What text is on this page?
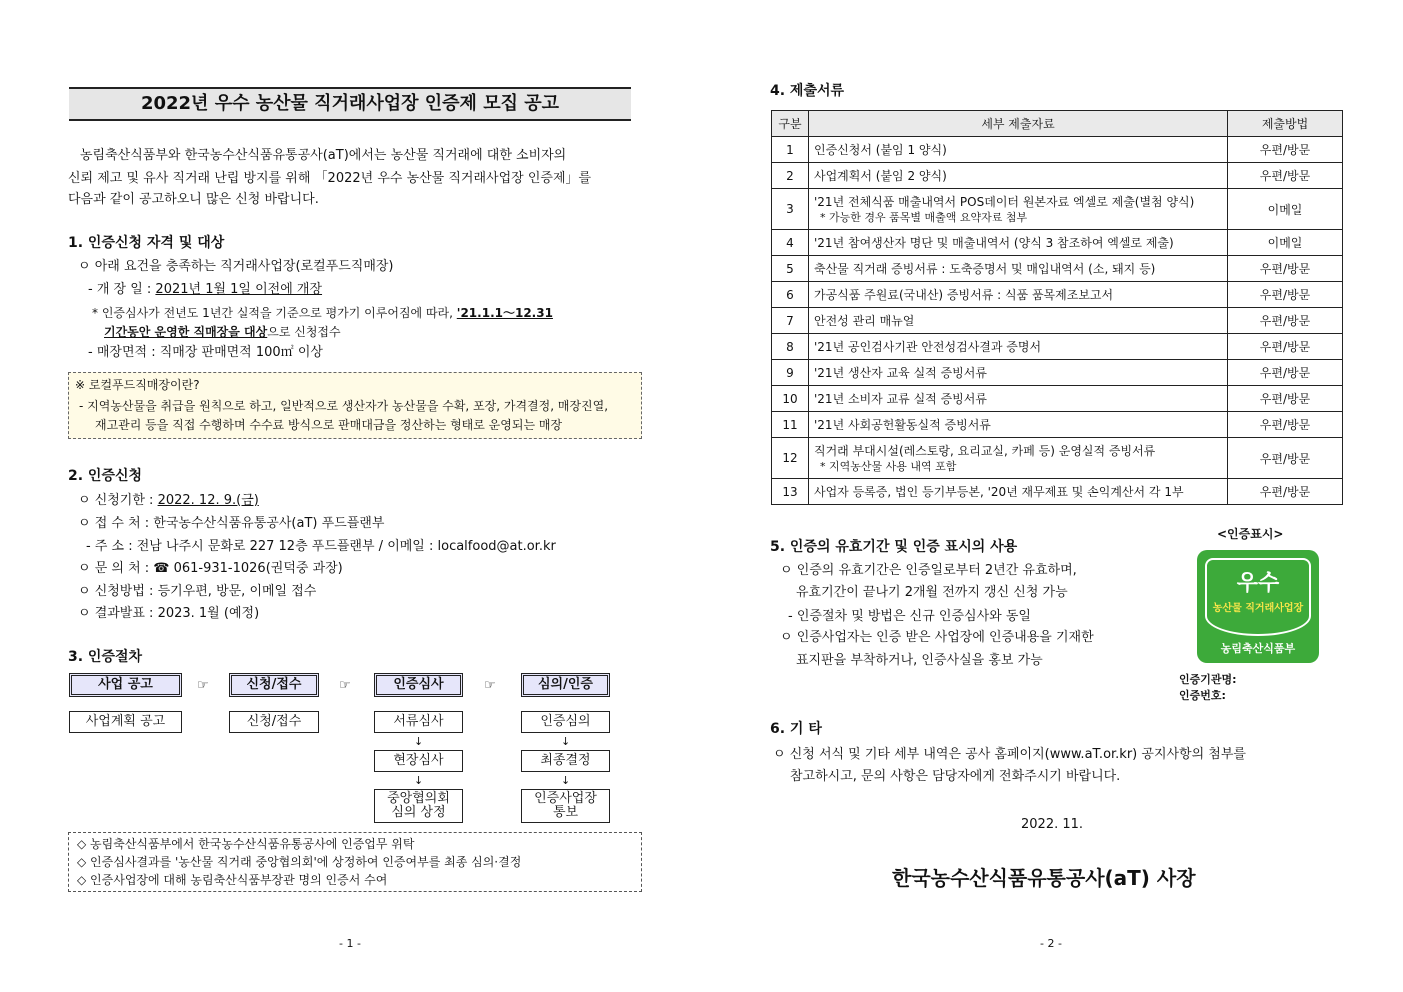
2022년 우수 농산물 직거래사업장 인증제 모집 공고
농림축산식품부와 한국농수산식품유통공사(aT)에서는 농산물 직거래에 대한 소비자의
신뢰 제고 및 유사 직거래 난립 방지를 위해 「2022년 우수 농산물 직거래사업장 인증제」를
다음과 같이 공고하오니 많은 신청 바랍니다.
1. 인증신청 자격 및 대상
ㅇ 아래 요건을 충족하는 직거래사업장(로컬푸드직매장)
- 개 장 일 : 2021년 1월 1일 이전에 개장
* 인증심사가 전년도 1년간 실적을 기준으로 평가기 이루어짐에 따라, '21.1.1～12.31
기간동안 운영한 직매장을 대상으로 신청접수
- 매장면적 : 직매장 판매면적 100㎡ 이상
※ 로컬푸드직매장이란?
- 지역농산물을 취급을 원칙으로 하고, 일반적으로 생산자가 농산물을 수확, 포장, 가격결정, 매장진열,
재고관리 등을 직접 수행하며 수수료 방식으로 판매대금을 정산하는 형태로 운영되는 매장
2. 인증신청
ㅇ 신청기한 : 2022. 12. 9.(금)
ㅇ 접 수 처 : 한국농수산식품유통공사(aT) 푸드플랜부
- 주 소 : 전남 나주시 문화로 227 12층 푸드플랜부 / 이메일 : localfood@at.or.kr
ㅇ 문 의 처 : ☎ 061-931-1026(권덕중 과장)
ㅇ 신청방법 : 등기우편, 방문, 이메일 접수
ㅇ 결과발표 : 2023. 1월 (예정)
3. 인증절차
사업 공고	☞	신청/접수	☞	인증심사	☞	심의/인증
사업계획 공고	신청/접수	서류심사
↓
현장심사
↓
중앙협의회
심의 상정
인증심의
↓
최종결정
↓
인증사업장
통보
◇ 농림축산식품부에서 한국농수산식품유통공사에 인증업무 위탁
◇ 인증심사결과를 '농산물 직거래 중앙협의회'에 상정하여 인증여부를 최종 심의·결정
◇ 인증사업장에 대해 농림축산식품부장관 명의 인증서 수여
- 1 -
4. 제출서류
구분	세부 제출자료	제출방법
1	인증신청서 (붙임 1 양식)	우편/방문
2	사업계획서 (붙임 2 양식)	우편/방문
3	'21년 전체식품 매출내역서 POS데이터 원본자료 엑셀로 제출(별첨 양식)
* 가능한 경우 품목별 매출액 요약자료 첨부	이메일
4	'21년 참여생산자 명단 및 매출내역서 (양식 3 참조하여 엑셀로 제출)	이메일
5	축산물 직거래 증빙서류 : 도축증명서 및 매입내역서 (소, 돼지 등)	우편/방문
6	가공식품 주원료(국내산) 증빙서류 : 식품 품목제조보고서	우편/방문
7	안전성 관리 매뉴얼	우편/방문
8	'21년 공인검사기관 안전성검사결과 증명서	우편/방문
9	'21년 생산자 교육 실적 증빙서류	우편/방문
10	'21년 소비자 교류 실적 증빙서류	우편/방문
11	'21년 사회공헌활동실적 증빙서류	우편/방문
12	직거래 부대시설(레스토랑, 요리교실, 카페 등) 운영실적 증빙서류
* 지역농산물 사용 내역 포함	우편/방문
13	사업자 등록증, 법인 등기부등본, '20년 재무제표 및 손익계산서 각 1부	우편/방문
5. 인증의 유효기간 및 인증 표시의 사용
ㅇ 인증의 유효기간은 인증일로부터 2년간 유효하며,
유효기간이 끝나기 2개월 전까지 갱신 신청 가능
- 인증절차 및 방법은 신규 인증심사와 동일
ㅇ 인증사업자는 인증 받은 사업장에 인증내용을 기재한
표지판을 부착하거나, 인증사실을 홍보 가능
<인증표시>
우수
농산물 직거래사업장
농림축산식품부
인증기관명:
인증번호:
6. 기 타
ㅇ 신청 서식 및 기타 세부 내역은 공사 홈페이지(www.aT.or.kr) 공지사항의 첨부를
참고하시고, 문의 사항은 담당자에게 전화주시기 바랍니다.
2022. 11.
한국농수산식품유통공사(aT) 사장
- 2 -
